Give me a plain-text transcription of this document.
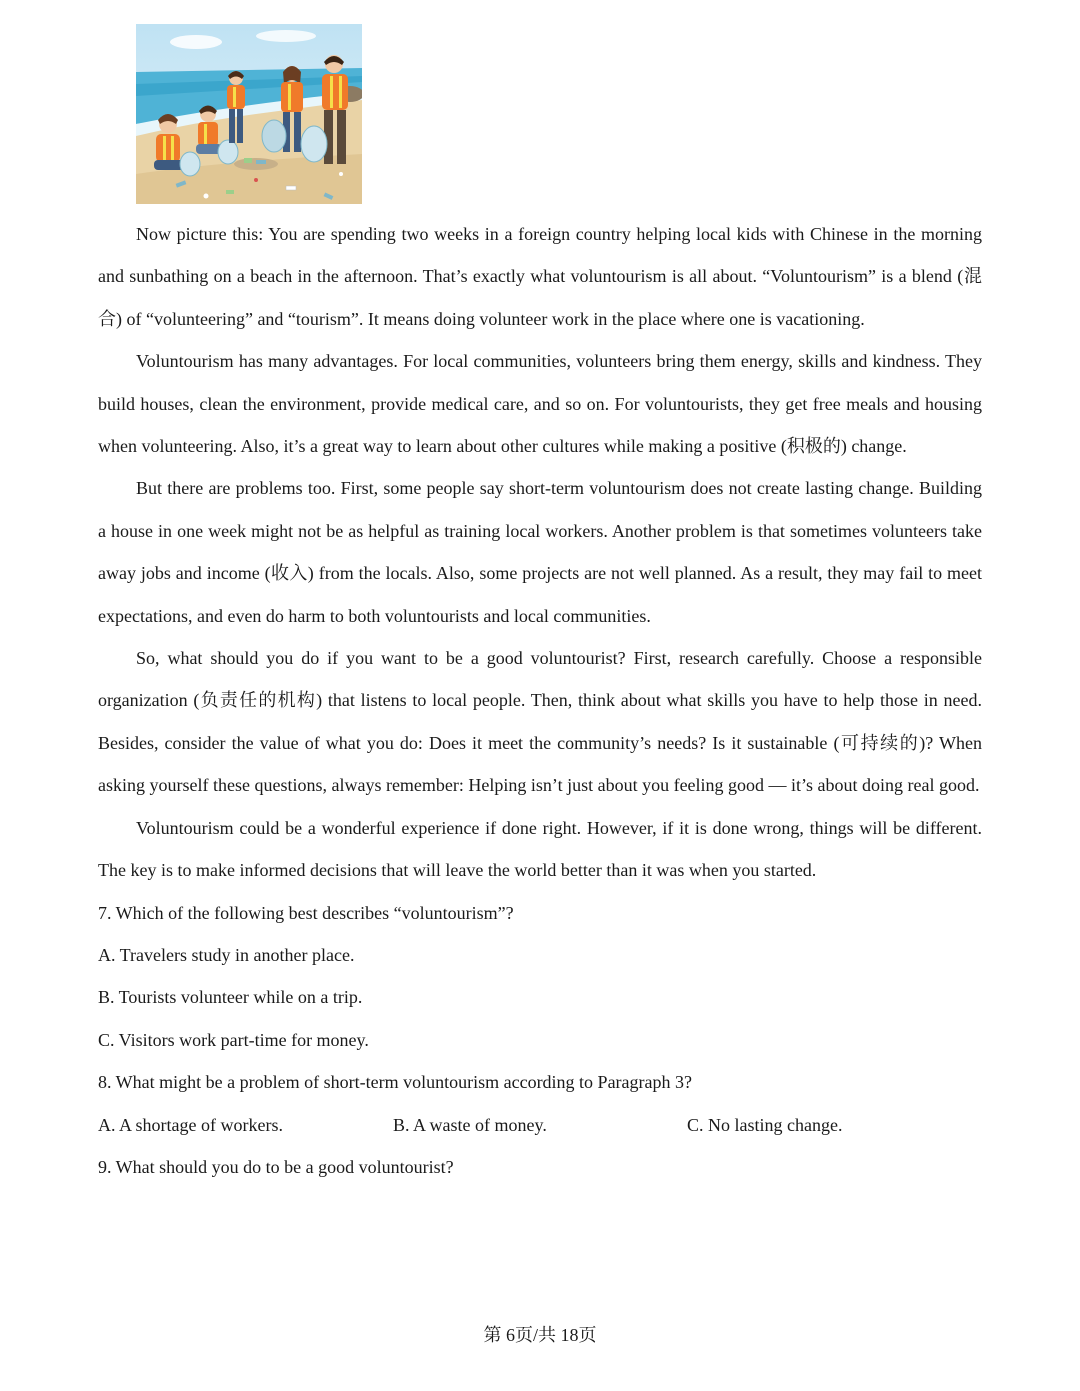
Now picture this: You are spending two weeks in a foreign country helping local kids with Chinese in the morning and sunbathing on a beach in the afternoon. That’s exactly what voluntourism is all about. “Voluntourism” is a blend (混合) of “volunteering” and “tourism”. It means doing volunteer work in the place where one is vacationing.

Voluntourism has many advantages. For local communities, volunteers bring them energy, skills and kindness. They build houses, clean the environment, provide medical care, and so on. For voluntourists, they get free meals and housing when volunteering. Also, it’s a great way to learn about other cultures while making a positive (积极的) change.

But there are problems too. First, some people say short-term voluntourism does not create lasting change. Building a house in one week might not be as helpful as training local workers. Another problem is that sometimes volunteers take away jobs and income (收入) from the locals. Also, some projects are not well planned. As a result, they may fail to meet expectations, and even do harm to both voluntourists and local communities.

So, what should you do if you want to be a good voluntourist? First, research carefully. Choose a responsible organization (负责任的机构) that listens to local people. Then, think about what skills you have to help those in need. Besides, consider the value of what you do: Does it meet the community’s needs? Is it sustainable (可持续的)? When asking yourself these questions, always remember: Helping isn’t just about you feeling good — it’s about doing real good.

Voluntourism could be a wonderful experience if done right. However, if it is done wrong, things will be different. The key is to make informed decisions that will leave the world better than it was when you started.

7. Which of the following best describes “voluntourism”?

A. Travelers study in another place.

B. Tourists volunteer while on a trip.

C. Visitors work part-time for money.

8. What might be a problem of short-term voluntourism according to Paragraph 3?

A. A shortage of workers.	B. A waste of money.	C. No lasting change.

9. What should you do to be a good voluntourist?

第 6页/共 18页
